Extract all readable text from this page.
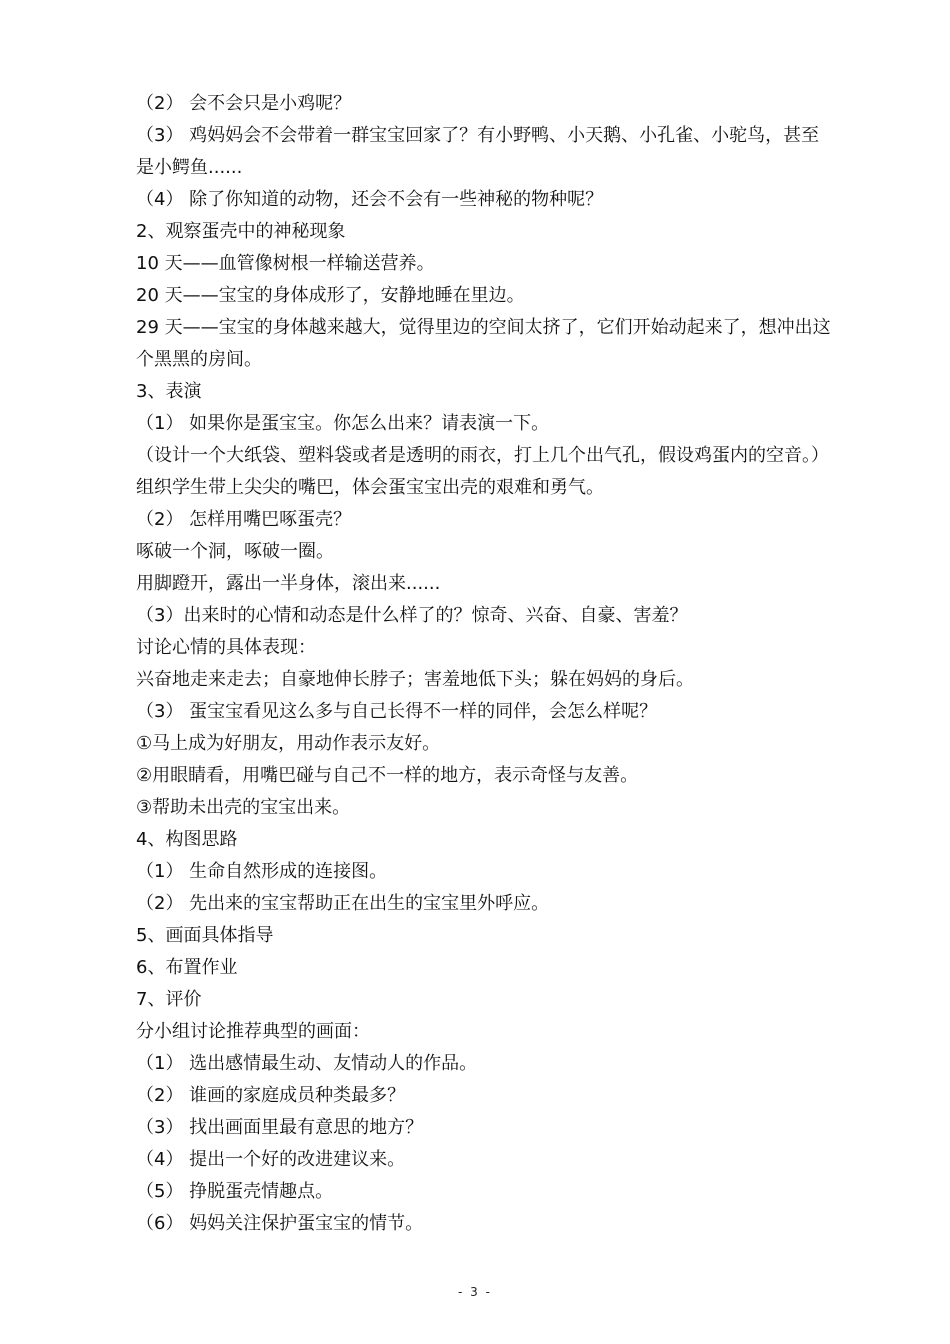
（2） 会不会只是小鸡呢？
（3） 鸡妈妈会不会带着一群宝宝回家了？有小野鸭、小天鹅、小孔雀、小驼鸟，甚至
是小鳄鱼......
（4） 除了你知道的动物，还会不会有一些神秘的物种呢？
2、观察蛋壳中的神秘现象
10 天——血管像树根一样输送营养。
20 天——宝宝的身体成形了，安静地睡在里边。
29 天——宝宝的身体越来越大，觉得里边的空间太挤了，它们开始动起来了，想冲出这
个黑黑的房间。
3、表演
（1） 如果你是蛋宝宝。你怎么出来？请表演一下。
（设计一个大纸袋、塑料袋或者是透明的雨衣，打上几个出气孔，假设鸡蛋内的空音。）
组织学生带上尖尖的嘴巴，体会蛋宝宝出壳的艰难和勇气。
（2） 怎样用嘴巴啄蛋壳？
啄破一个洞，啄破一圈。
用脚蹬开，露出一半身体，滚出来......
（3）出来时的心情和动态是什么样了的？惊奇、兴奋、自豪、害羞？
讨论心情的具体表现：
兴奋地走来走去；自豪地伸长脖子；害羞地低下头；躲在妈妈的身后。
（3） 蛋宝宝看见这么多与自己长得不一样的同伴，会怎么样呢？
①马上成为好朋友，用动作表示友好。
②用眼睛看，用嘴巴碰与自己不一样的地方，表示奇怪与友善。
③帮助未出壳的宝宝出来。
4、构图思路
（1） 生命自然形成的连接图。
（2） 先出来的宝宝帮助正在出生的宝宝里外呼应。
5、画面具体指导
6、布置作业
7、评价
分小组讨论推荐典型的画面：
（1） 选出感情最生动、友情动人的作品。
（2） 谁画的家庭成员种类最多？
（3） 找出画面里最有意思的地方？
（4） 提出一个好的改进建议来。
（5） 挣脱蛋壳情趣点。
（6） 妈妈关注保护蛋宝宝的情节。
- 3 -
